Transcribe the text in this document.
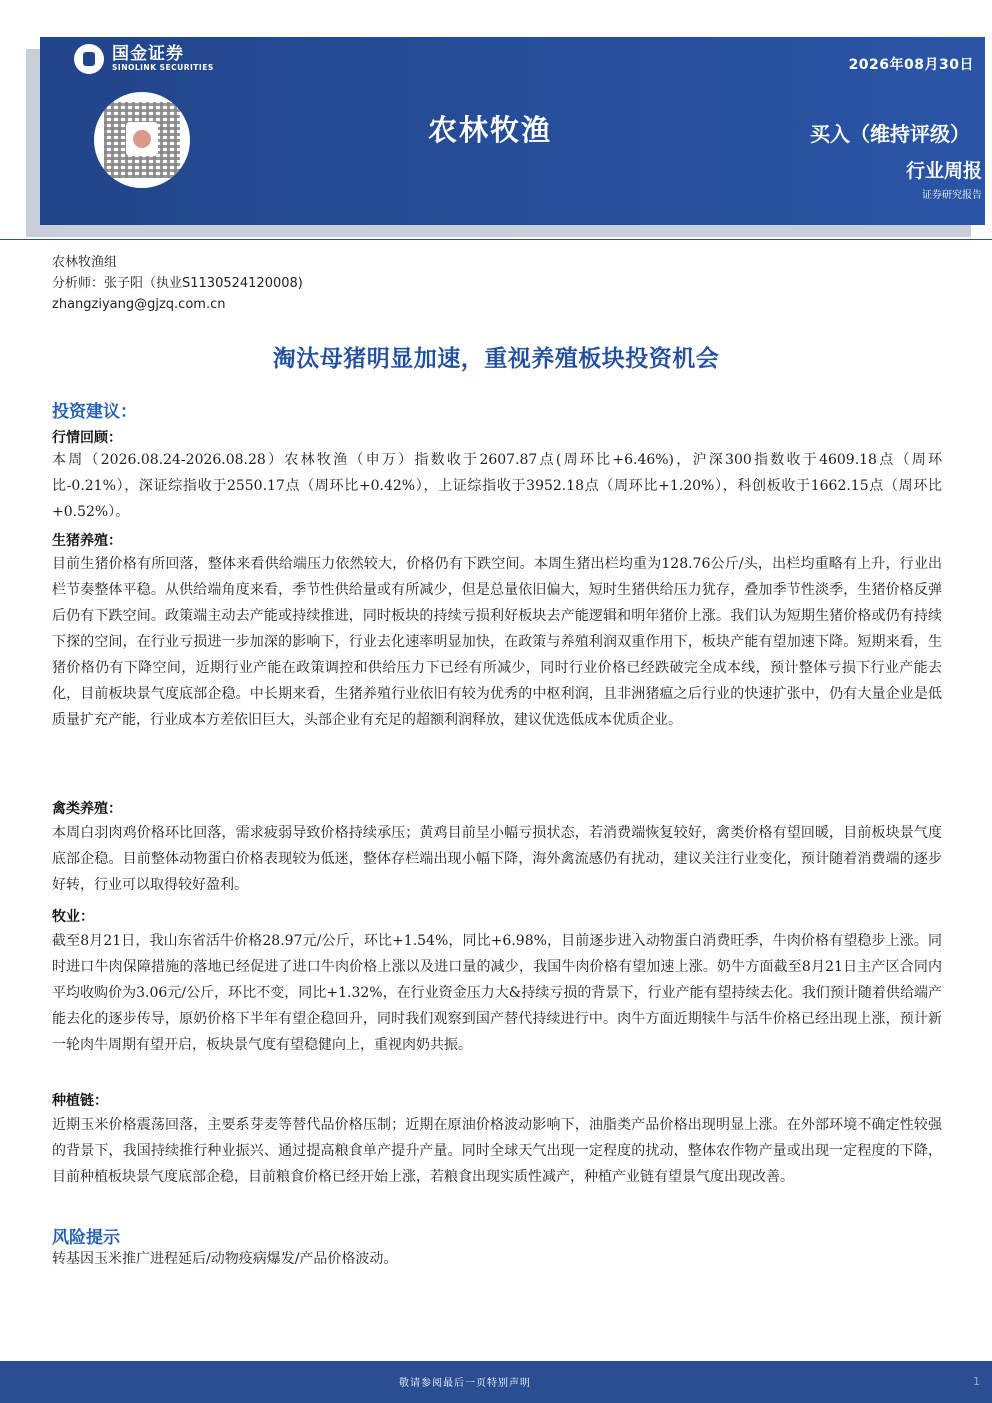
国金证券
SINOLINK SECURITIES	2026年08月30日
农林牧渔	买入（维持评级）
行业周报
证券研究报告
农林牧渔组
分析师：张子阳（执业S1130524120008)
zhangziyang@gjzq.com.cn
淘汰母猪明显加速，重视养殖板块投资机会
投资建议：
行情回顾：

本周（2026.08.24-2026.08.28）农林牧渔（申万）指数收于2607.87点(周环比+6.46%)，沪深300指数收于4609.18点（周环比-0.21%），深证综指收于2550.17点（周环比+0.42%），上证综指收于3952.18点（周环比+1.20%），科创板收于1662.15点（周环比+0.52%）。

生猪养殖：

目前生猪价格有所回落，整体来看供给端压力依然较大，价格仍有下跌空间。本周生猪出栏均重为128.76公斤/头，出栏均重略有上升，行业出栏节奏整体平稳。从供给端角度来看，季节性供给量或有所减少，但是总量依旧偏大，短时生猪供给压力犹存，叠加季节性淡季，生猪价格反弹后仍有下跌空间。政策端主动去产能或持续推进，同时板块的持续亏损利好板块去产能逻辑和明年猪价上涨。我们认为短期生猪价格或仍有持续下探的空间，在行业亏损进一步加深的影响下，行业去化速率明显加快，在政策与养殖利润双重作用下，板块产能有望加速下降。短期来看，生猪价格仍有下降空间，近期行业产能在政策调控和供给压力下已经有所减少，同时行业价格已经跌破完全成本线，预计整体亏损下行业产能去化，目前板块景气度底部企稳。中长期来看，生猪养殖行业依旧有较为优秀的中枢利润，且非洲猪瘟之后行业的快速扩张中，仍有大量企业是低质量扩充产能，行业成本方差依旧巨大，头部企业有充足的超额利润释放，建议优选低成本优质企业。

禽类养殖：

本周白羽肉鸡价格环比回落，需求疲弱导致价格持续承压；黄鸡目前呈小幅亏损状态，若消费端恢复较好，禽类价格有望回暖，目前板块景气度底部企稳。目前整体动物蛋白价格表现较为低迷，整体存栏端出现小幅下降，海外禽流感仍有扰动，建议关注行业变化，预计随着消费端的逐步好转，行业可以取得较好盈利。

牧业：

截至8月21日，我山东省活牛价格28.97元/公斤，环比+1.54%，同比+6.98%，目前逐步进入动物蛋白消费旺季，牛肉价格有望稳步上涨。同时进口牛肉保障措施的落地已经促进了进口牛肉价格上涨以及进口量的减少，我国牛肉价格有望加速上涨。奶牛方面截至8月21日主产区合同内平均收购价为3.06元/公斤，环比不变，同比+1.32%，在行业资金压力大&持续亏损的背景下，行业产能有望持续去化。我们预计随着供给端产能去化的逐步传导，原奶价格下半年有望企稳回升，同时我们观察到国产替代持续进行中。肉牛方面近期犊牛与活牛价格已经出现上涨，预计新一轮肉牛周期有望开启，板块景气度有望稳健向上，重视肉奶共振。

种植链：

近期玉米价格震荡回落，主要系芽麦等替代品价格压制；近期在原油价格波动影响下，油脂类产品价格出现明显上涨。在外部环境不确定性较强的背景下，我国持续推行种业振兴、通过提高粮食单产提升产量。同时全球天气出现一定程度的扰动，整体农作物产量或出现一定程度的下降，目前种植板块景气度底部企稳，目前粮食价格已经开始上涨，若粮食出现实质性减产，种植产业链有望景气度出现改善。

风险提示

转基因玉米推广进程延后/动物疫病爆发/产品价格波动。

敬请参阅最后一页特别声明	1
